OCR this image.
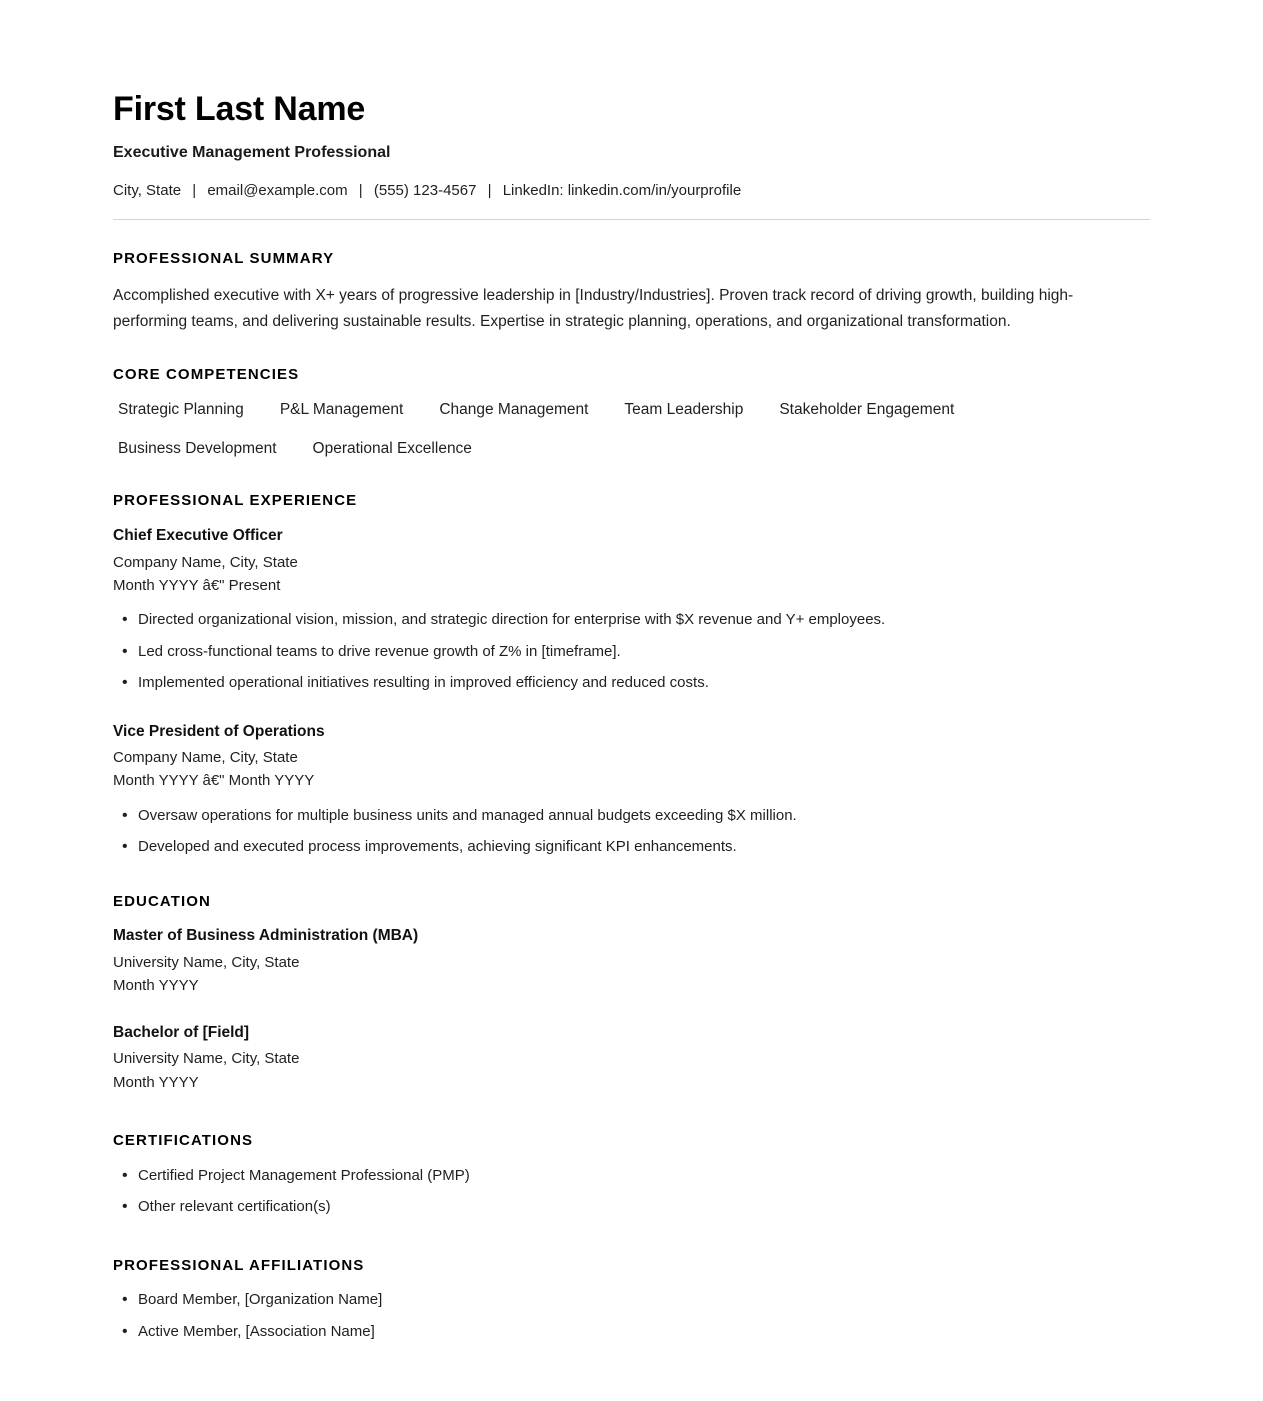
First Last Name
Executive Management Professional
City, State | email@example.com | (555) 123-4567 | LinkedIn: linkedin.com/in/yourprofile
PROFESSIONAL SUMMARY

Accomplished executive with X+ years of progressive leadership in [Industry/Industries]. Proven track record of driving growth, building high-performing teams, and delivering sustainable results. Expertise in strategic planning, operations, and organizational transformation.

CORE COMPETENCIES
Strategic Planning	P&L Management	Change Management	Team Leadership	Stakeholder Engagement
Business Development	Operational Excellence
PROFESSIONAL EXPERIENCE
Chief Executive Officer

Company Name, City, State

Month YYYY â€" Present

• Directed organizational vision, mission, and strategic direction for enterprise with $X revenue and Y+ employees.
• Led cross-functional teams to drive revenue growth of Z% in [timeframe].
• Implemented operational initiatives resulting in improved efficiency and reduced costs.
Vice President of Operations

Company Name, City, State

Month YYYY â€" Month YYYY

• Oversaw operations for multiple business units and managed annual budgets exceeding $X million.
• Developed and executed process improvements, achieving significant KPI enhancements.
EDUCATION
Master of Business Administration (MBA)

University Name, City, State

Month YYYY

Bachelor of [Field]

University Name, City, State

Month YYYY

CERTIFICATIONS
• Certified Project Management Professional (PMP)
• Other relevant certification(s)
PROFESSIONAL AFFILIATIONS
• Board Member, [Organization Name]
• Active Member, [Association Name]
